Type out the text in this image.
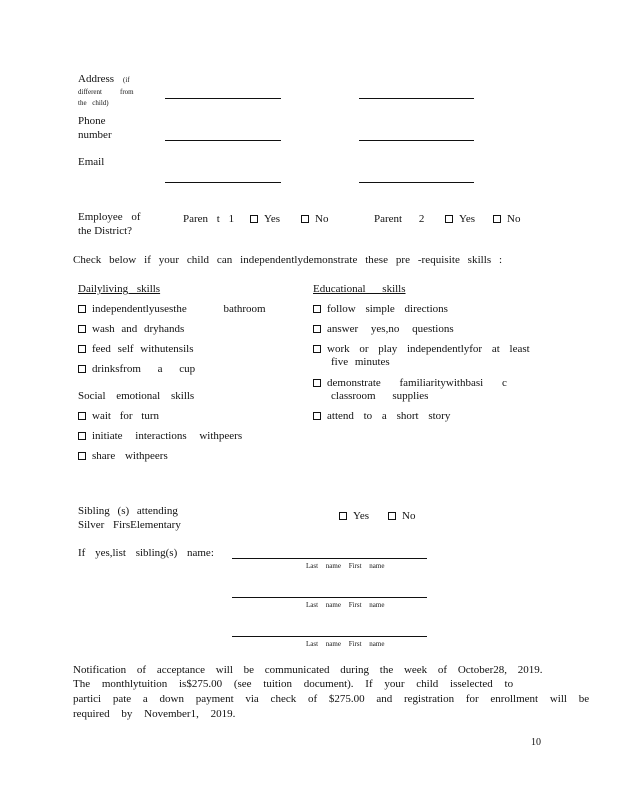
Address (if
different	from
the child)
Phone
number
Email
Employee of
the District?
Paren t 1	Yes	No	Parent 2	Yes	No
Check below if your child can independentlydemonstrate these pre -requisite skills :
Dailyliving skills
independentlyusesthe bathroom
wash and dryhands
feed self withutensils
drinksfrom a cup
Social emotional skills
wait for turn
initiate interactions withpeers
share withpeers
Educational skills
follow simple directions
answer yes,no questions
work or play independentlyfor at least
five minutes
demonstrate familiaritywithbasi c
classroom supplies
attend to a short story
Sibling (s) attending
Silver FirsElementary
Yes	No
If yes,list sibling(s) name:
Last name First name
Last name First name
Last name First name
Notification of acceptance will be communicated during the week of October28, 2019.
The monthlytuition is$275.00 (see tuition document). If your child isselected to
partici pate a down payment via check of $275.00 and registration for enrollment will be
required by November1, 2019.
10
